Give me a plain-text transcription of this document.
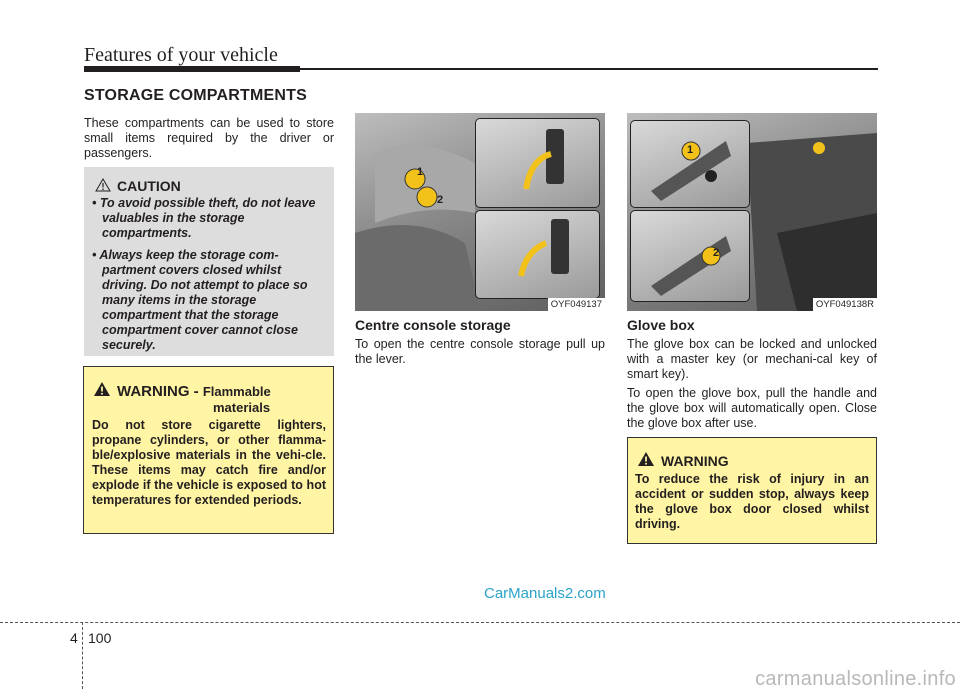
Features of your vehicle
STORAGE COMPARTMENTS
These compartments can be used to store small items required by the driver or passengers.
CAUTION
• To avoid possible theft, do not leave valuables in the storage compartments.
• Always keep the storage com-partment covers closed whilst driving. Do not attempt to place so many items in the storage compartment that the storage compartment cover cannot close securely.
WARNING - Flammable
materials
Do not store cigarette lighters, propane cylinders, or other flamma-ble/explosive materials in the vehi-cle. These items may catch fire and/or explode if the vehicle is exposed to hot temperatures for extended periods.
1
2
OYF049137
1
2
OYF049138R
Centre console storage
To open the centre console storage pull up the lever.
Glove box

The glove box can be locked and unlocked with a master key (or mechani-cal key of smart key).

To open the glove box, pull the handle and the glove box will automatically open. Close the glove box after use.

WARNING
To reduce the risk of injury in an accident or sudden stop, always keep the glove box door closed whilst driving.
CarManuals2.com
4 100
carmanualsonline.info
